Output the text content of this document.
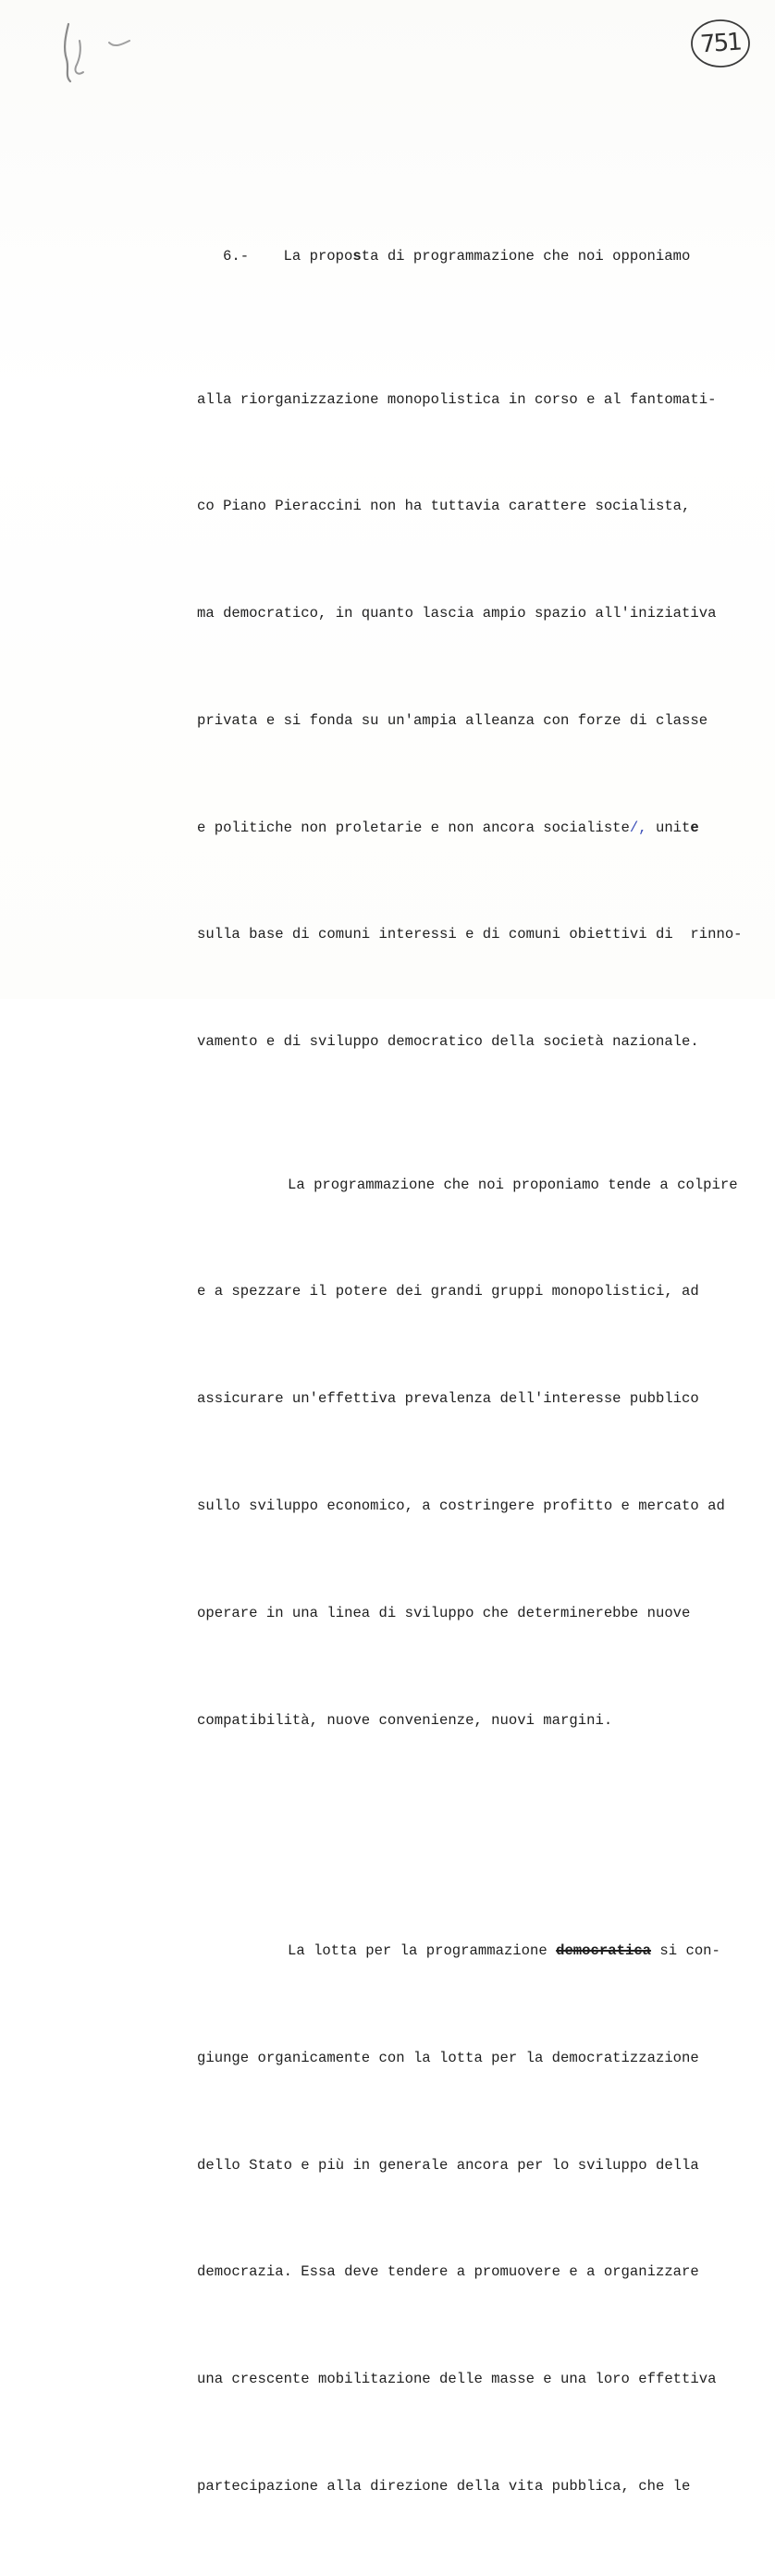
751

6.- La proposta di programmazione che noi opponiamo

alla riorganizzazione monopolistica in corso e al fantomati-

co Piano Pieraccini non ha tuttavia carattere socialista,

ma democratico, in quanto lascia ampio spazio all'iniziativa

privata e si fonda su un'ampia alleanza con forze di classe

e politiche non proletarie e non ancora socialiste/, unite

sulla base di comuni interessi e di comuni obiettivi di  rinno-

vamento e di sviluppo democratico della società nazionale.

La programmazione che noi proponiamo tende a colpire

e a spezzare il potere dei grandi gruppi monopolistici, ad

assicurare un'effettiva prevalenza dell'interesse pubblico

sullo sviluppo economico, a costringere profitto e mercato ad

operare in una linea di sviluppo che determinerebbe nuove

compatibilità, nuove convenienze, nuovi margini.

La lotta per la programmazione democratica si con-

giunge organicamente con la lotta per la democratizzazione

dello Stato e più in generale ancora per lo sviluppo della

democrazia. Essa deve tendere a promuovere e a organizzare

una crescente mobilitazione delle masse e una loro effettiva

partecipazione alla direzione della vita pubblica, che le
